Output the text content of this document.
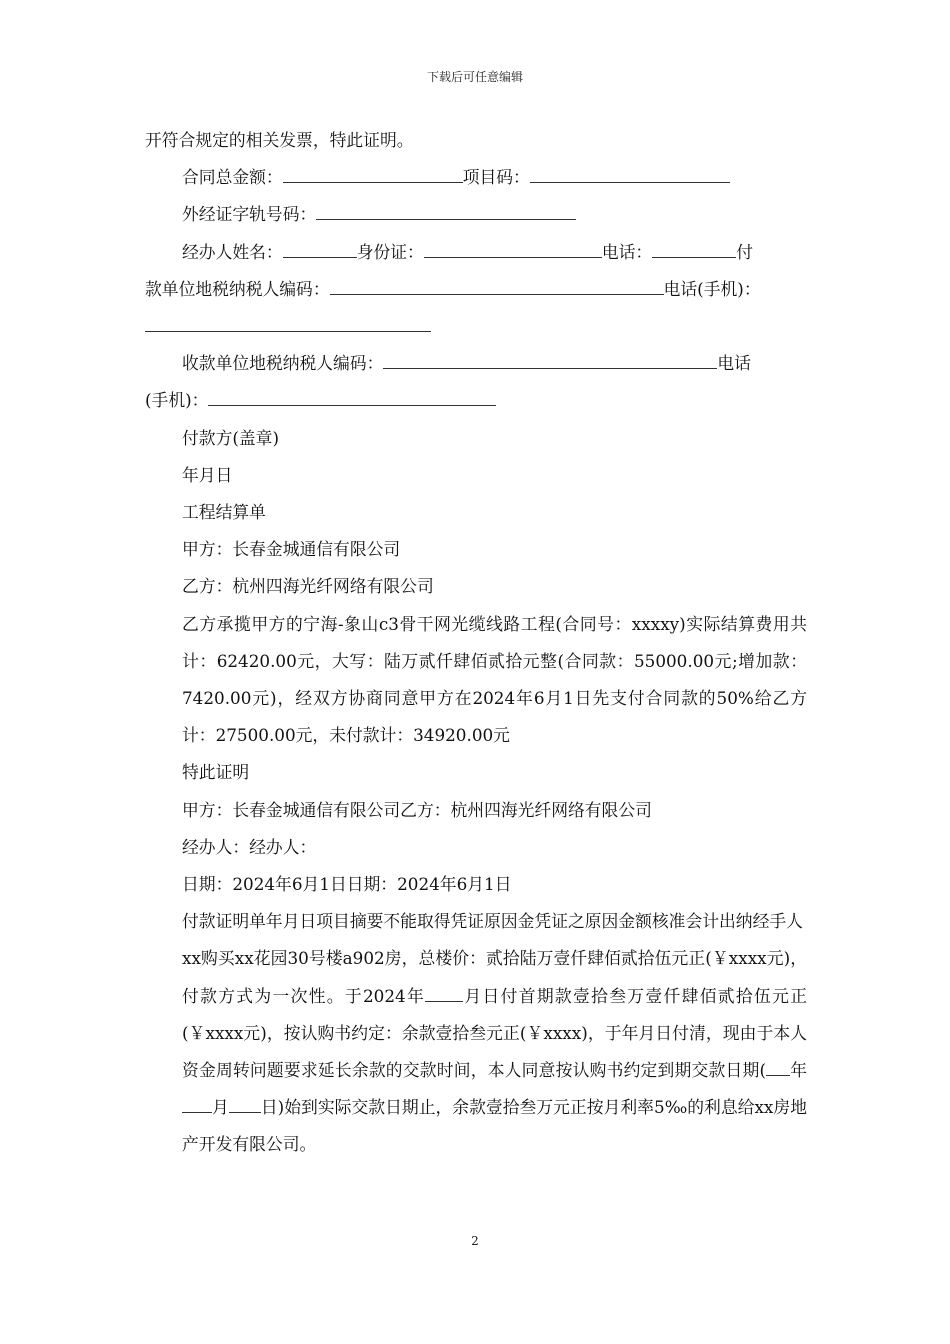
下载后可任意编辑

开符合规定的相关发票，特此证明。

合同总金额：	项目码：

外经证字轨号码：

经办人姓名：	身份证：	电话：	付

款单位地税纳税人编码：	电话(手机)：

收款单位地税纳税人编码：	电话

(手机)：

付款方(盖章)

年月日

工程结算单

甲方：长春金城通信有限公司

乙方：杭州四海光纤网络有限公司

乙方承揽甲方的宁海-象山c3骨干网光缆线路工程(合同号：xxxxy)实际结算费用共计：62420.00元，大写：陆万贰仟肆佰贰拾元整(合同款：55000.00元;增加款：7420.00元)，经双方协商同意甲方在2024年6月1日先支付合同款的50%给乙方计：27500.00元，未付款计：34920.00元

特此证明

甲方：长春金城通信有限公司乙方：杭州四海光纤网络有限公司

经办人：经办人：

日期：2024年6月1日日期：2024年6月1日

付款证明单年月日项目摘要不能取得凭证原因金凭证之原因金额核准会计出纳经手人

xx购买xx花园30号楼a902房，总楼价：贰拾陆万壹仟肆佰贰拾伍元正(￥xxxx元)，付款方式为一次性。于2024年 月日付首期款壹拾叁万壹仟肆佰贰拾伍元正(￥xxxx元)，按认购书约定：余款壹拾叁元正(￥xxxx)，于年月日付清，现由于本人资金周转问题要求延长余款的交款时间，本人同意按认购书约定到期交款日期( 年月 日)始到实际交款日期止，余款壹拾叁万元正按月利率5‰的利息给xx房地产开发有限公司。

2
